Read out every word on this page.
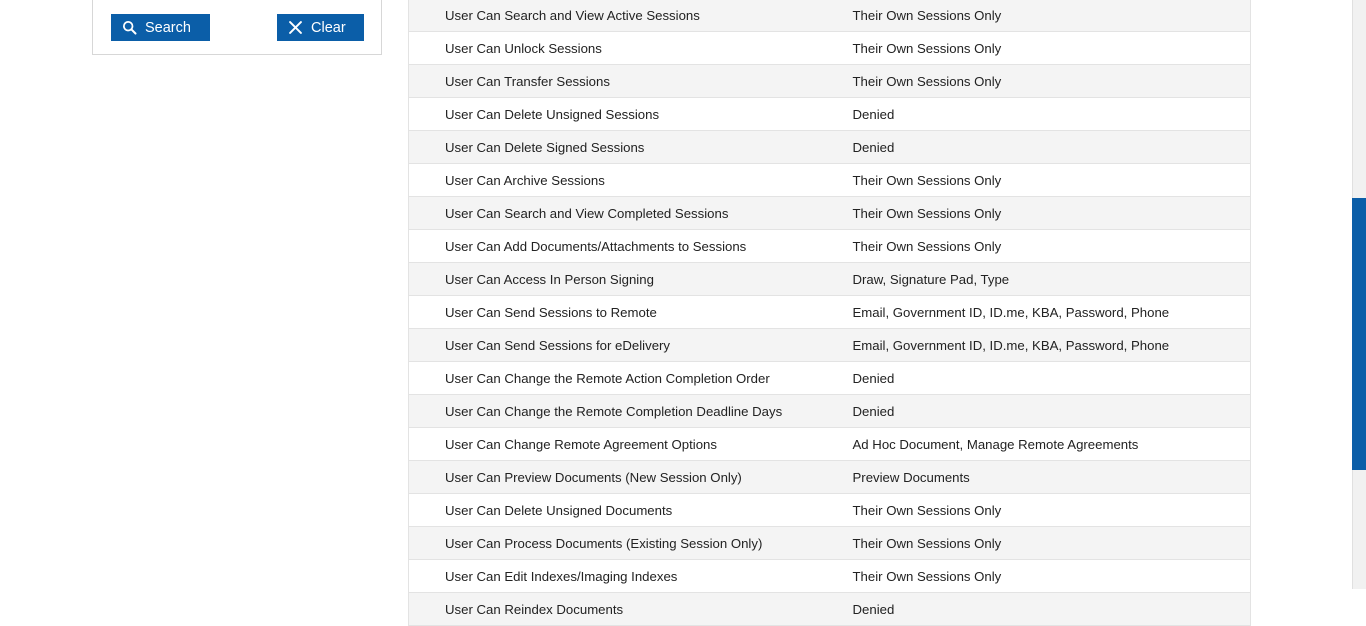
Search	Clear
User Can Search and View Active Sessions	Their Own Sessions Only
User Can Unlock Sessions	Their Own Sessions Only
User Can Transfer Sessions	Their Own Sessions Only
User Can Delete Unsigned Sessions	Denied
User Can Delete Signed Sessions	Denied
User Can Archive Sessions	Their Own Sessions Only
User Can Search and View Completed Sessions	Their Own Sessions Only
User Can Add Documents/Attachments to Sessions	Their Own Sessions Only
User Can Access In Person Signing	Draw, Signature Pad, Type
User Can Send Sessions to Remote	Email, Government ID, ID.me, KBA, Password, Phone
User Can Send Sessions for eDelivery	Email, Government ID, ID.me, KBA, Password, Phone
User Can Change the Remote Action Completion Order	Denied
User Can Change the Remote Completion Deadline Days	Denied
User Can Change Remote Agreement Options	Ad Hoc Document, Manage Remote Agreements
User Can Preview Documents (New Session Only)	Preview Documents
User Can Delete Unsigned Documents	Their Own Sessions Only
User Can Process Documents (Existing Session Only)	Their Own Sessions Only
User Can Edit Indexes/Imaging Indexes	Their Own Sessions Only
User Can Reindex Documents	Denied
